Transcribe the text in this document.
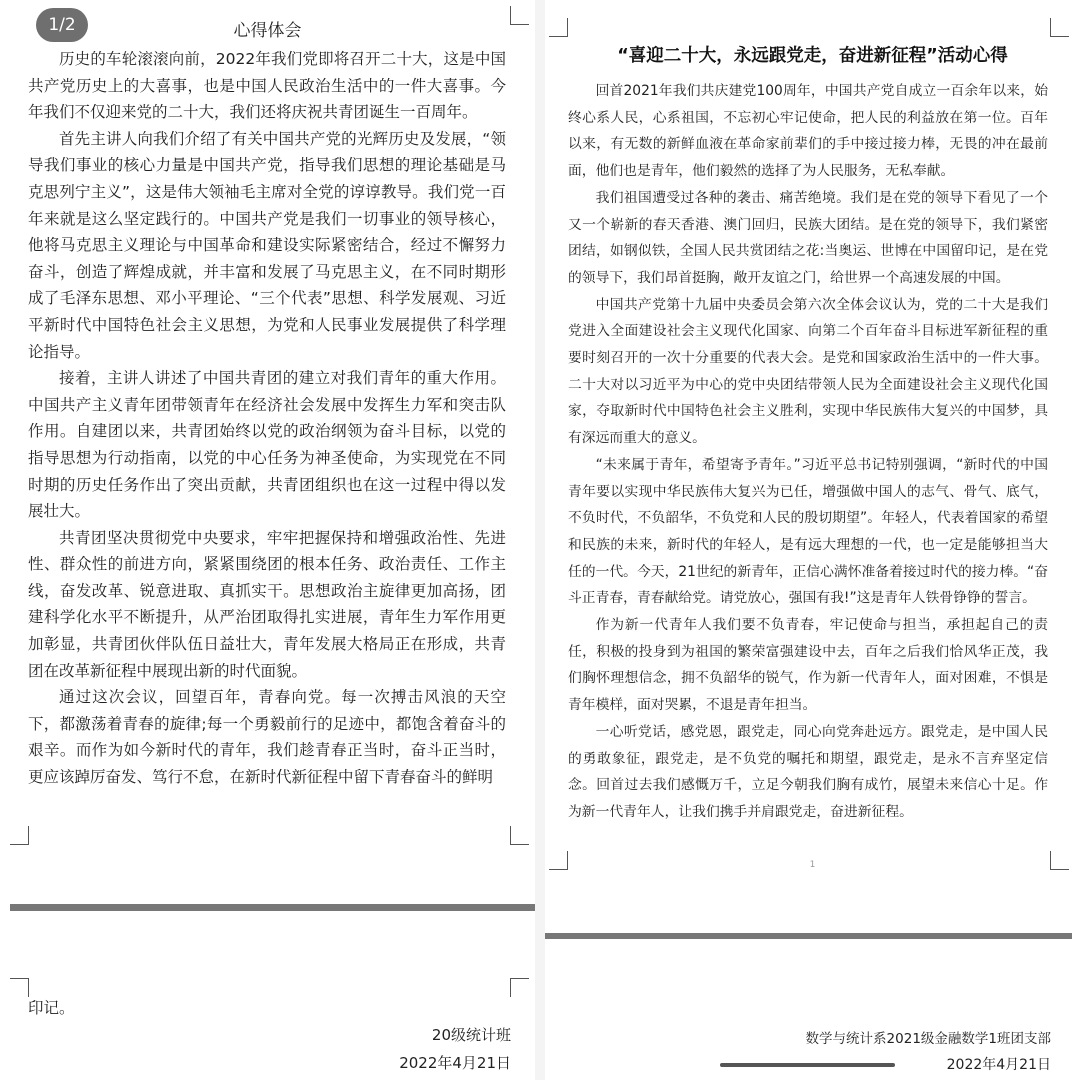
1/2	心得体会

历史的车轮滚滚向前，2022年我们党即将召开二十大，这是中国共产党历史上的大喜事，也是中国人民政治生活中的一件大喜事。今年我们不仅迎来党的二十大，我们还将庆祝共青团诞生一百周年。

首先主讲人向我们介绍了有关中国共产党的光辉历史及发展，“领导我们事业的核心力量是中国共产党，指导我们思想的理论基础是马克思列宁主义”，这是伟大领袖毛主席对全党的谆谆教导。我们党一百年来就是这么坚定践行的。中国共产党是我们一切事业的领导核心，他将马克思主义理论与中国革命和建设实际紧密结合，经过不懈努力奋斗，创造了辉煌成就，并丰富和发展了马克思主义，在不同时期形成了毛泽东思想、邓小平理论、“三个代表”思想、科学发展观、习近平新时代中国特色社会主义思想，为党和人民事业发展提供了科学理论指导。

接着，主讲人讲述了中国共青团的建立对我们青年的重大作用。中国共产主义青年团带领青年在经济社会发展中发挥生力军和突击队作用。自建团以来，共青团始终以党的政治纲领为奋斗目标，以党的指导思想为行动指南，以党的中心任务为神圣使命，为实现党在不同时期的历史任务作出了突出贡献，共青团组织也在这一过程中得以发展壮大。

共青团坚决贯彻党中央要求，牢牢把握保持和增强政治性、先进性、群众性的前进方向，紧紧围绕团的根本任务、政治责任、工作主线，奋发改革、锐意进取、真抓实干。思想政治主旋律更加高扬，团建科学化水平不断提升，从严治团取得扎实进展，青年生力军作用更加彰显，共青团伙伴队伍日益壮大，青年发展大格局正在形成，共青团在改革新征程中展现出新的时代面貌。

通过这次会议，回望百年，青春向党。每一次搏击风浪的天空下，都激荡着青春的旋律;每一个勇毅前行的足迹中，都饱含着奋斗的艰辛。而作为如今新时代的青年，我们趁青春正当时，奋斗正当时，更应该踔厉奋发、笃行不怠，在新时代新征程中留下青春奋斗的鲜明

印记。
20级统计班
2022年4月21日
“喜迎二十大，永远跟党走，奋进新征程”活动心得

回首2021年我们共庆建党100周年，中国共产党自成立一百余年以来，始终心系人民，心系祖国，不忘初心牢记使命，把人民的利益放在第一位。百年以来，有无数的新鲜血液在革命家前辈们的手中接过接力棒，无畏的冲在最前面，他们也是青年，他们毅然的选择了为人民服务，无私奉献。

我们祖国遭受过各种的袭击、痛苦绝境。我们是在党的领导下看见了一个又一个崭新的春天香港、澳门回归，民族大团结。是在党的领导下，我们紧密团结，如钢似铁，全国人民共赏团结之花:当奥运、世博在中国留印记，是在党的领导下，我们昂首挺胸，敞开友谊之门，给世界一个高速发展的中国。

中国共产党第十九届中央委员会第六次全体会议认为，党的二十大是我们党进入全面建设社会主义现代化国家、向第二个百年奋斗目标进军新征程的重要时刻召开的一次十分重要的代表大会。是党和国家政治生活中的一件大事。二十大对以习近平为中心的党中央团结带领人民为全面建设社会主义现代化国家，夺取新时代中国特色社会主义胜利，实现中华民族伟大复兴的中国梦，具有深远而重大的意义。

“未来属于青年，希望寄予青年。”习近平总书记特别强调，“新时代的中国青年要以实现中华民族伟大复兴为已任，增强做中国人的志气、骨气、底气，不负时代，不负韶华，不负党和人民的殷切期望”。年轻人，代表着国家的希望和民族的未来，新时代的年轻人，是有远大理想的一代，也一定是能够担当大任的一代。今天，21世纪的新青年，正信心满怀准备着接过时代的接力棒。“奋斗正青春，青春献给党。请党放心，强国有我!”这是青年人铁骨铮铮的誓言。

作为新一代青年人我们要不负青春，牢记使命与担当，承担起自己的责任，积极的投身到为祖国的繁荣富强建设中去，百年之后我们恰风华正茂，我们胸怀理想信念，拥不负韶华的锐气，作为新一代青年人，面对困难，不惧是青年模样，面对哭累，不退是青年担当。

一心听党话，感党恩，跟党走，同心向党奔赴远方。跟党走，是中国人民的勇敢象征，跟党走，是不负党的嘱托和期望，跟党走，是永不言弃坚定信念。回首过去我们感慨万千，立足今朝我们胸有成竹，展望未来信心十足。作为新一代青年人，让我们携手并肩跟党走，奋进新征程。

1
数学与统计系2021级金融数学1班团支部
2022年4月21日
